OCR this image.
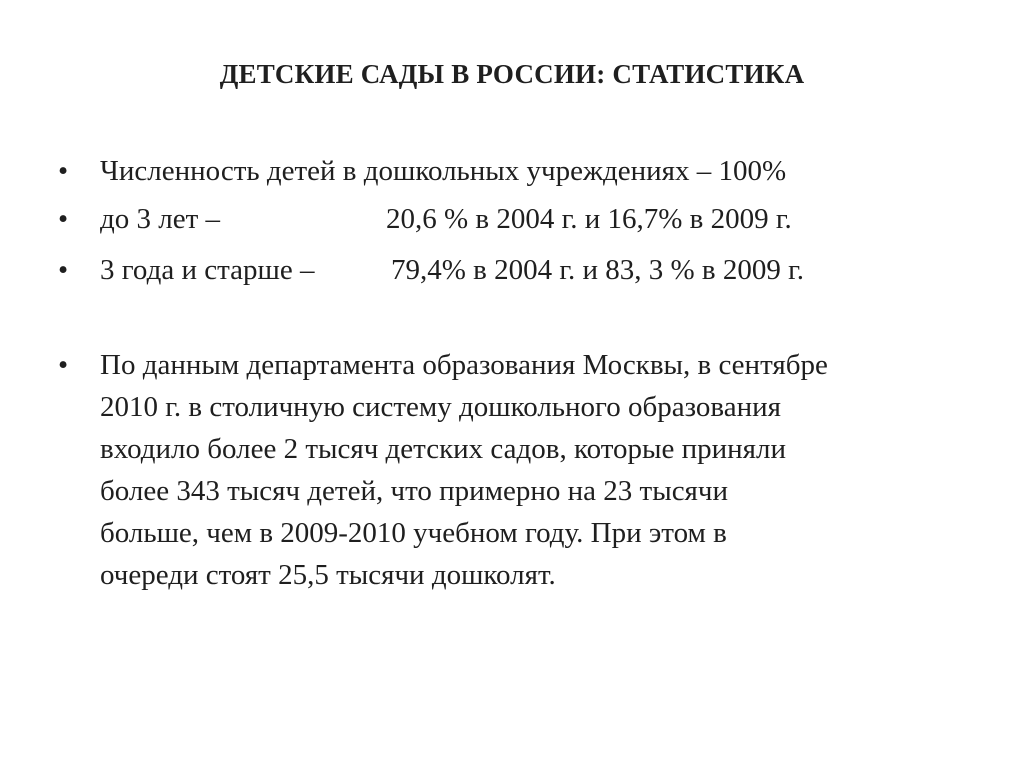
ДЕТСКИЕ САДЫ В РОССИИ: СТАТИСТИКА
•	Численность детей в дошкольных учреждениях – 100%
•	до 3 лет –	20,6 % в 2004 г. и 16,7% в 2009 г.
•	3 года и старше –	79,4% в 2004 г. и 83, 3 % в 2009 г.
•	По данным департамента образования Москвы, в сентябре
2010 г. в столичную систему дошкольного образования
входило более 2 тысяч детских садов, которые приняли
более 343 тысяч детей, что примерно на 23 тысячи
больше, чем в 2009-2010 учебном году. При этом в
очереди стоят 25,5 тысячи дошколят.
